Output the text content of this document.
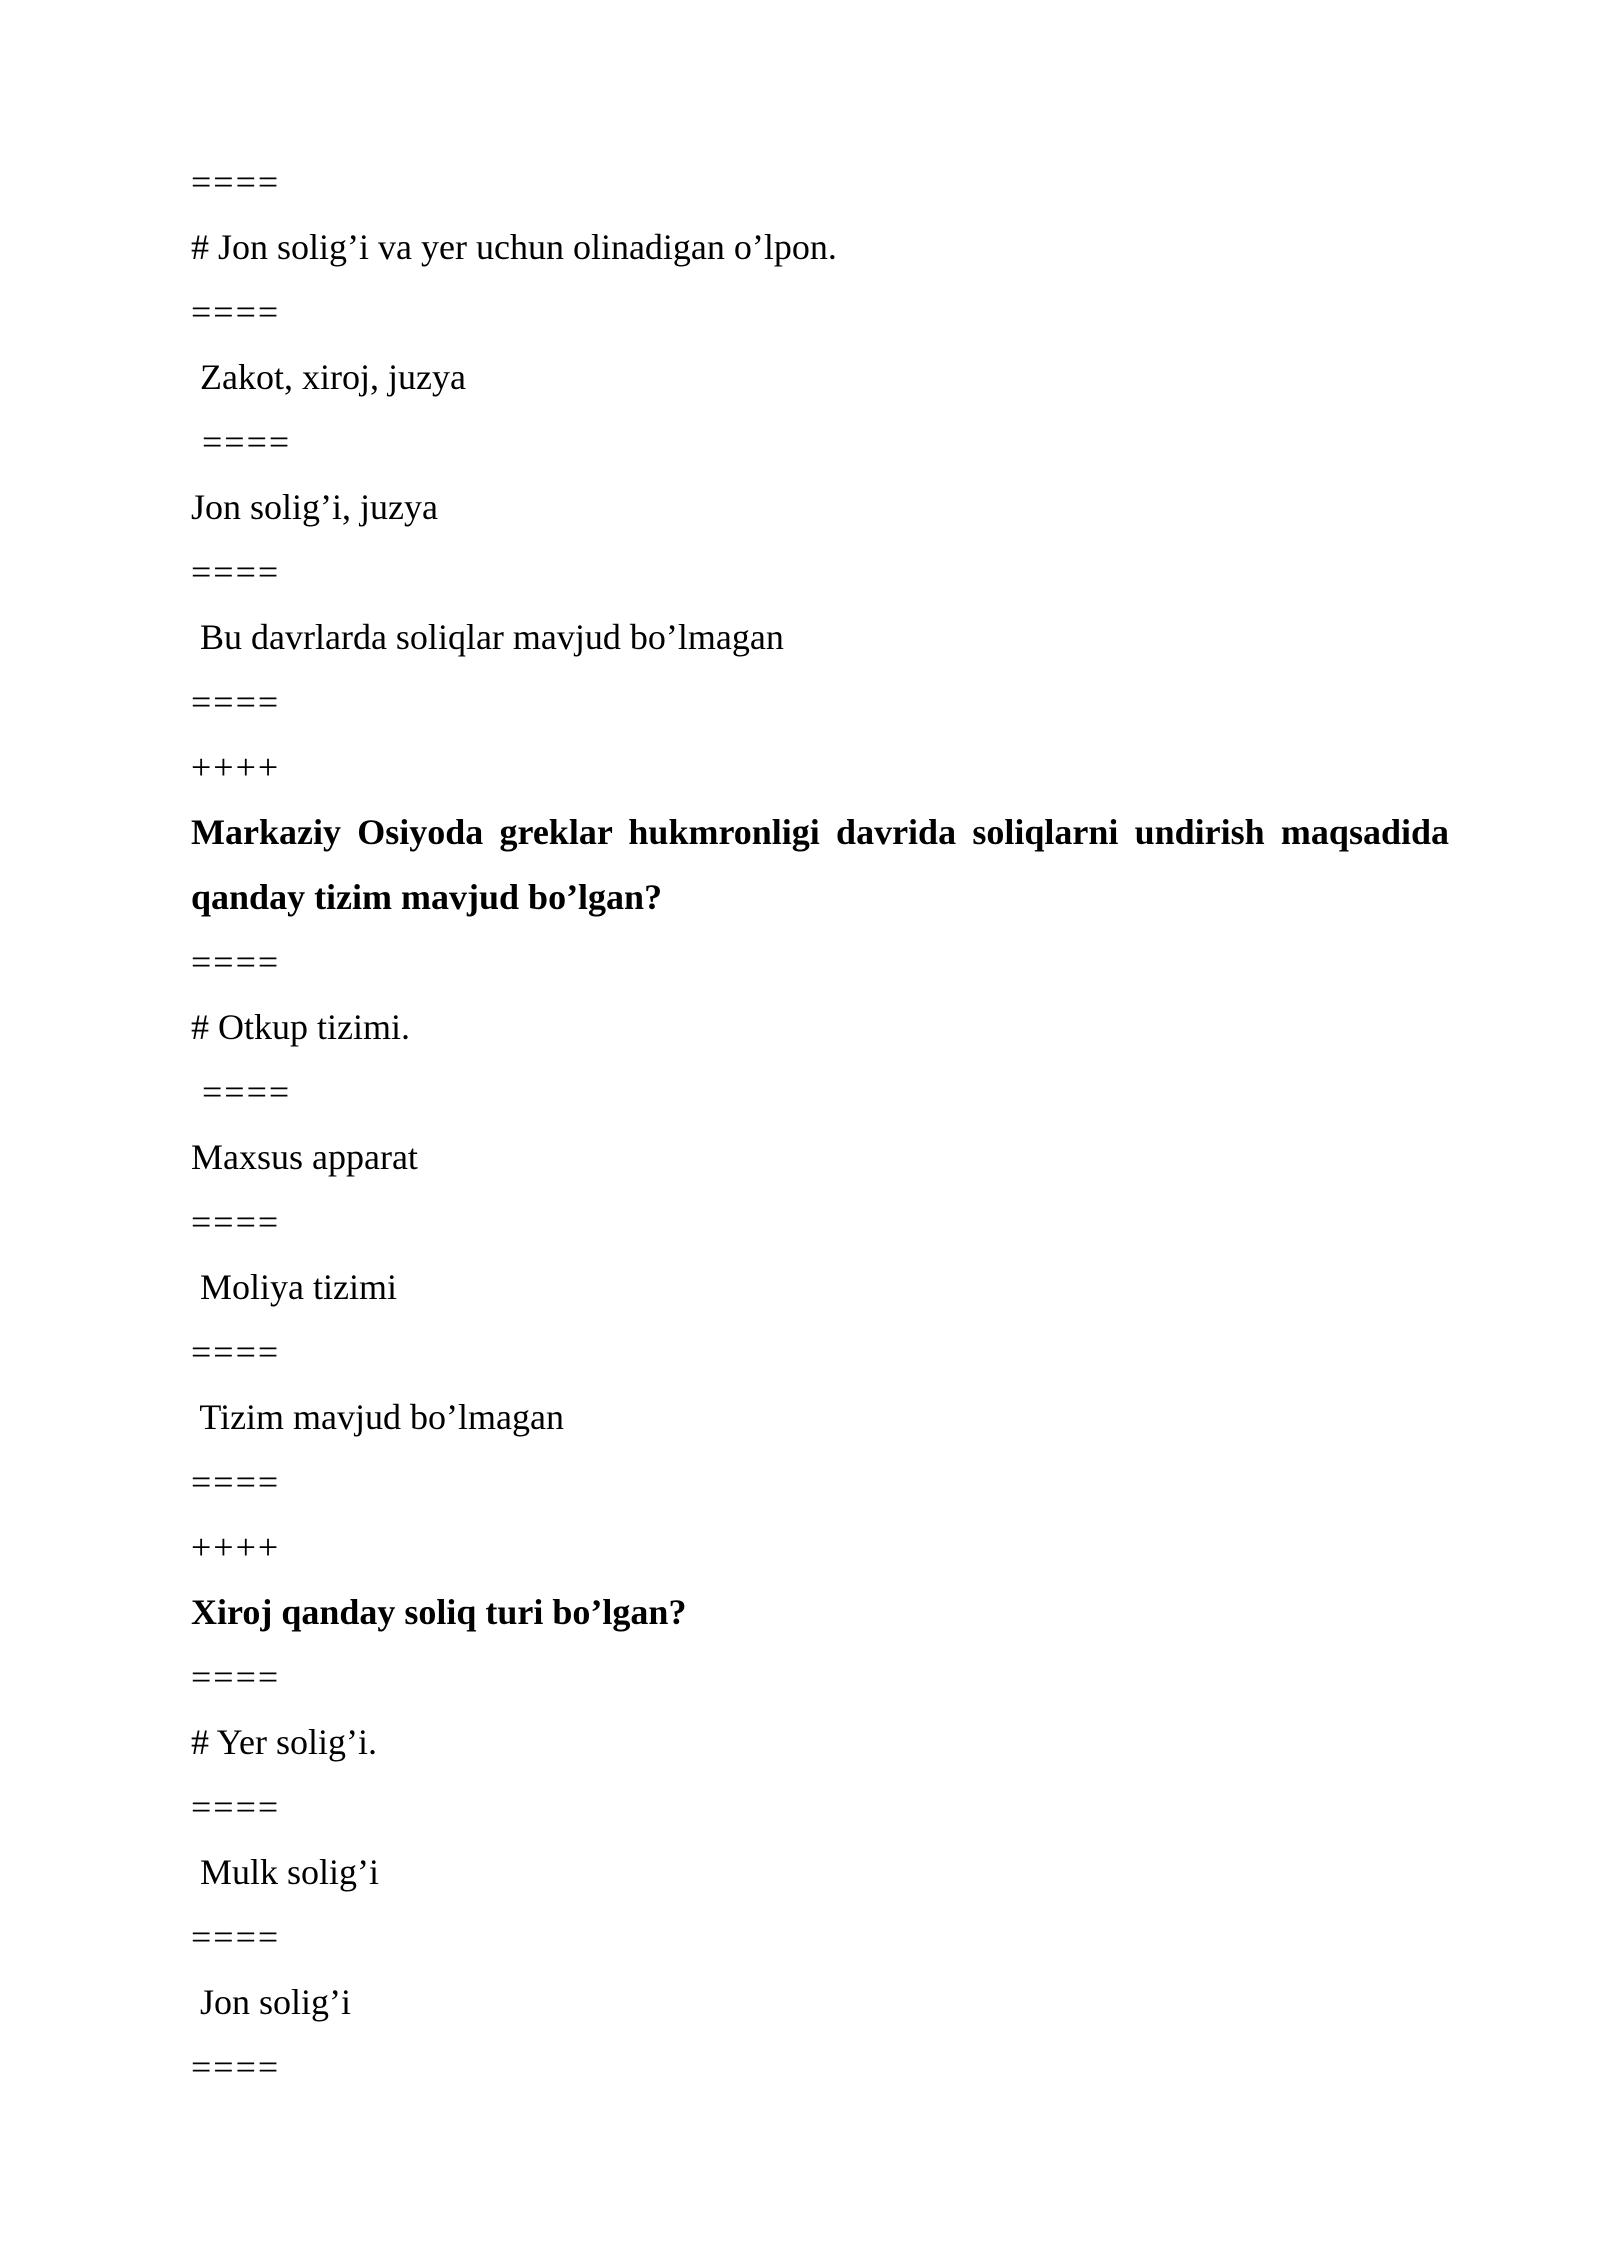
====
# Jon solig’i va yer uchun olinadigan o’lpon.
====
Zakot, xiroj, juzya
====
Jon solig’i, juzya
====
Bu davrlarda soliqlar mavjud bo’lmagan
====
++++
Markaziy Osiyoda greklar hukmronligi davrida soliqlarni undirish maqsadida qanday tizim mavjud bo’lgan?
====
# Otkup tizimi.
====
Maxsus apparat
====
Moliya tizimi
====
Tizim mavjud bo’lmagan
====
++++
Xiroj qanday soliq turi bo’lgan?
====
# Yer solig’i.
====
Mulk solig’i
====
Jon solig’i
====
